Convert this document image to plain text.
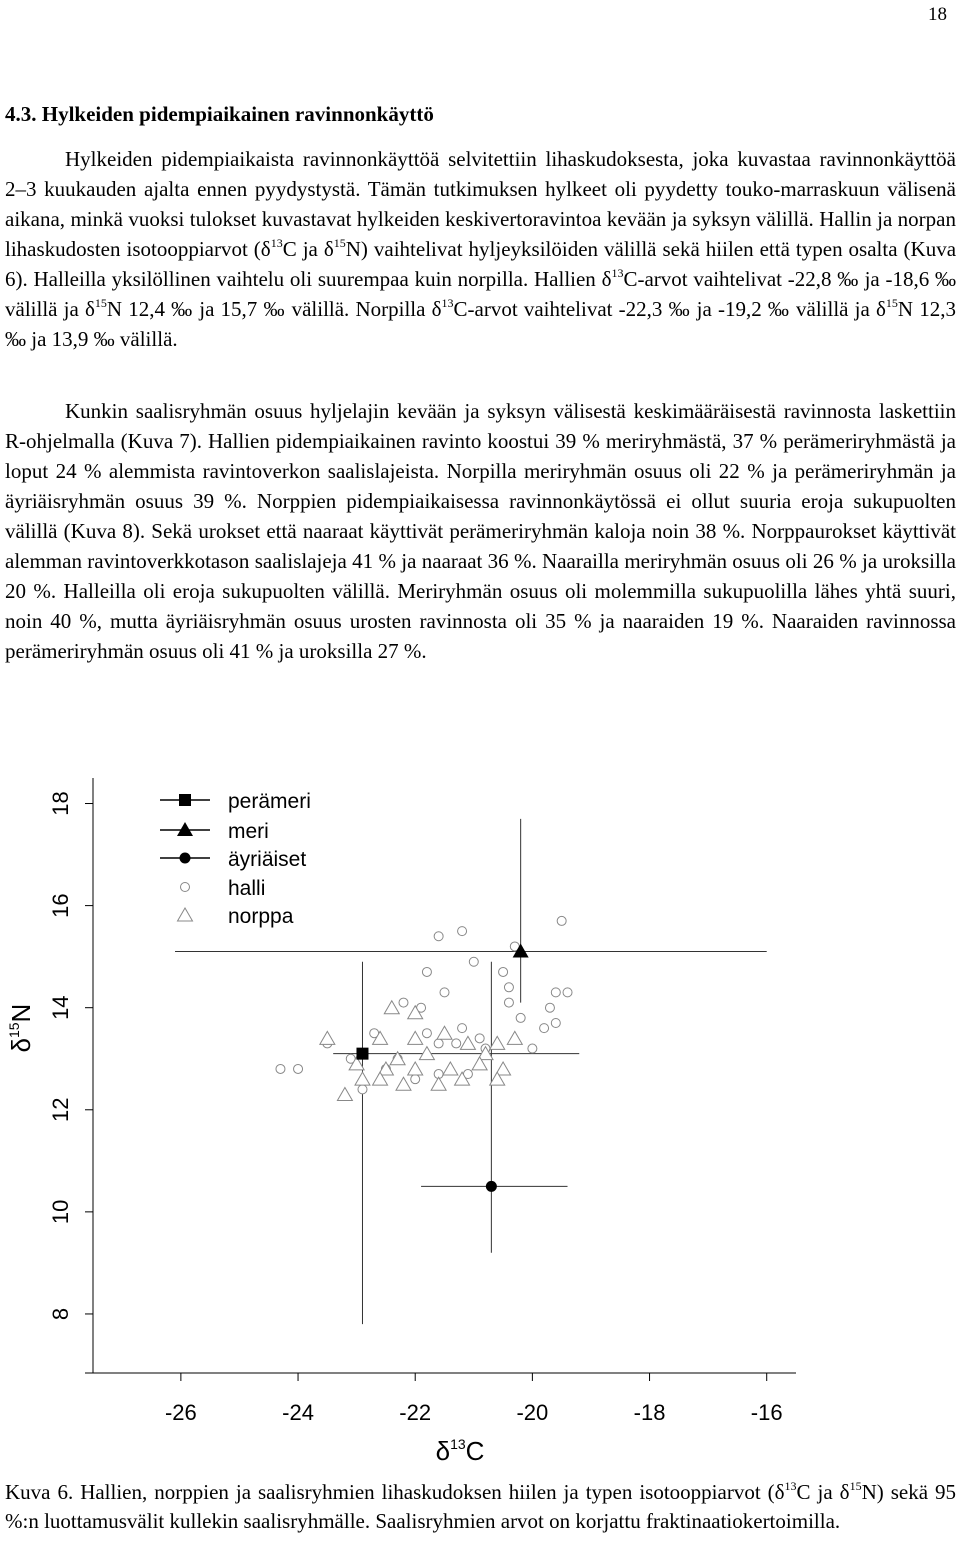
18
4.3. Hylkeiden pidempiaikainen ravinnonkäyttö

Hylkeiden pidempiaikaista ravinnonkäyttöä selvitettiin lihaskudoksesta, joka kuvastaa ravinnonkäyttöä 2–3 kuukauden ajalta ennen pyydystystä. Tämän tutkimuksen hylkeet oli pyydetty touko-marraskuun välisenä aikana, minkä vuoksi tulokset kuvastavat hylkeiden keskivertoravintoa kevään ja syksyn välillä. Hallin ja norpan lihaskudosten isotooppiarvot ($\delta^{13}C$ ja $\delta^{15}N$) vaihtelivat hyljeyksilöiden välillä sekä hiilen että typen osalta (Kuva 6). Halleilla yksilöllinen vaihtelu oli suurempaa kuin norpilla. Hallien $\delta^{13}C$-arvot vaihtelivat -22,8 ‰ ja -18,6 ‰ välillä ja $\delta^{15}N$ 12,4 ‰ ja 15,7 ‰ välillä. Norpilla $\delta^{13}C$-arvot vaihtelivat -22,3 ‰ ja -19,2 ‰ välillä ja $\delta^{15}N$ 12,3 ‰ ja 13,9 ‰ välillä.

Kunkin saalisryhmän osuus hyljelajin kevään ja syksyn välisestä keskimääräisestä ravinnosta laskettiin R-ohjelmalla (Kuva 7). Hallien pidempiaikainen ravinto koostui 39 % meriryhmästä, 37 % perämeriryhmästä ja loput 24 % alemmista ravintoverkon saalislajeista. Norpilla meriryhmän osuus oli 22 % ja perämeriryhmän ja äyriäisryhmän osuus 39 %. Norppien pidempiaikaisessa ravinnonkäytössä ei ollut suuria eroja sukupuolten välillä (Kuva 8). Sekä urokset että naaraat käyttivät perämeriryhmän kaloja noin 38 %. Norppaurokset käyttivät alemman ravintoverkkotason saalislajeja 41 % ja naaraat 36 %. Naarailla meriryhmän osuus oli 26 % ja uroksilla 20 %. Halleilla oli eroja sukupuolten välillä. Meriryhmän osuus oli molemmilla sukupuolilla lähes yhtä suuri, noin 40 %, mutta äyriäisryhmän osuus urosten ravinnosta oli 35 % ja naaraiden 19 %. Naaraiden ravinnossa perämeriryhmän osuus oli 41 % ja uroksilla 27 %.

perämeri
meri
äyriäiset
halli
norppa
8
10
12
14
16
18
-26	-24	-22	-20	-18	-16
$\delta^{13}C$
$\delta^{15}N$

Kuva 6. Hallien, norppien ja saalisryhmien lihaskudoksen hiilen ja typen isotooppiarvot ($\delta^{13}C$ ja $\delta^{15}N$) sekä 95 %:n luottamusvälit kullekin saalisryhmälle. Saalisryhmien arvot on korjattu fraktinaatiokertoimilla.
